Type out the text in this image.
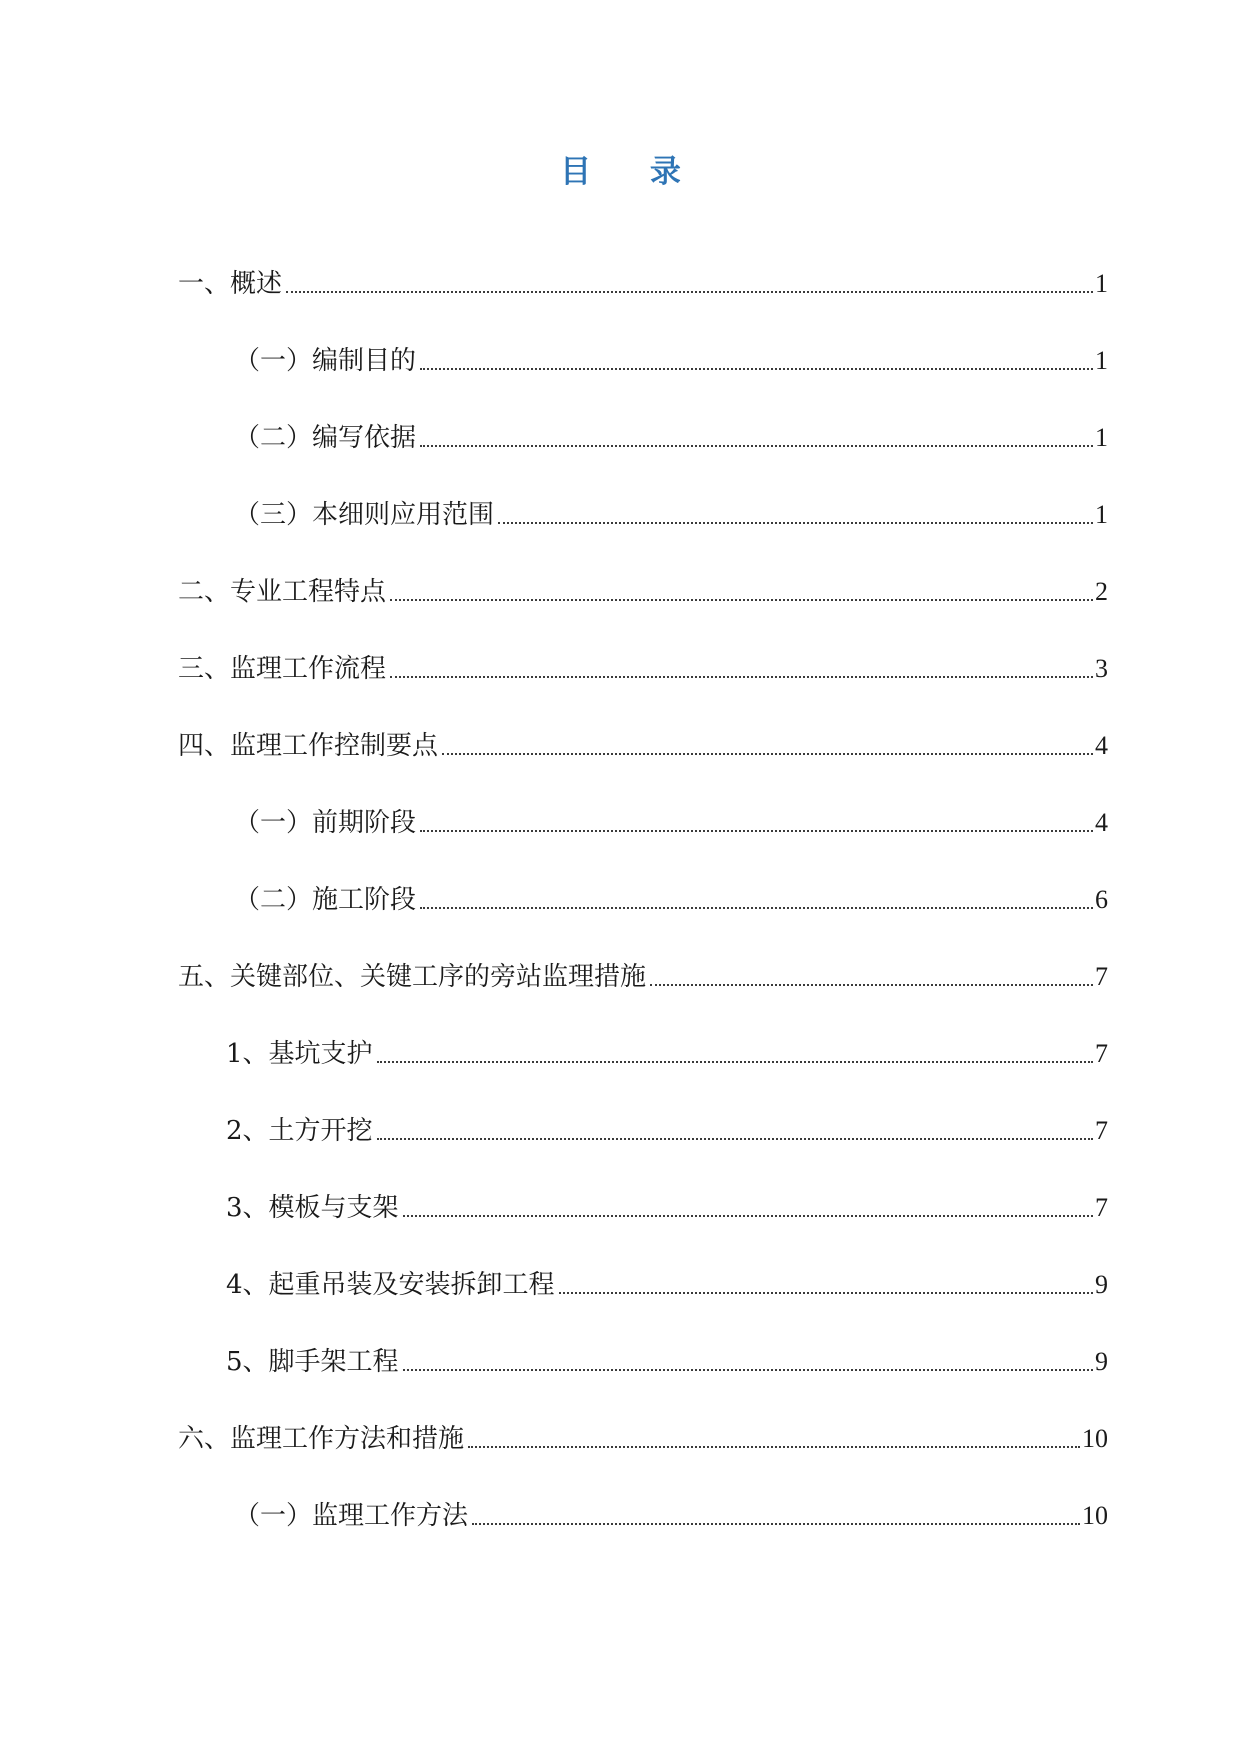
目 录
一、概述	1
（一）编制目的	1
（二）编写依据	1
（三）本细则应用范围	1
二、专业工程特点	2
三、监理工作流程	3
四、监理工作控制要点	4
（一）前期阶段	4
（二）施工阶段	6
五、关键部位、关键工序的旁站监理措施	7
1、基坑支护	7
2、土方开挖	7
3、模板与支架	7
4、起重吊装及安装拆卸工程	9
5、脚手架工程	9
六、监理工作方法和措施	10
（一）监理工作方法	10
